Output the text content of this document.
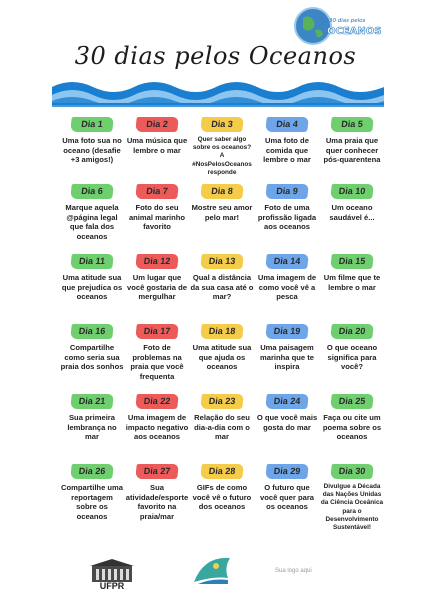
30 dias pelos
OCEANOS
30 dias pelos Oceanos
Dia 1
Uma foto sua no oceano (desafie +3 amigos!)
Dia 2
Uma música que lembre o mar
Dia 3
Quer saber algo sobre os oceanos? A #NosPelosOceanos responde
Dia 4
Uma foto de comida que lembre o mar
Dia 5
Uma praia que quer conhecer pós-quarentena
Dia 6
Marque aquela @página legal que fala dos oceanos
Dia 7
Foto do seu animal marinho favorito
Dia 8
Mostre seu amor pelo mar!
Dia 9
Foto de uma profissão ligada aos oceanos
Dia 10
Um oceano saudável é...
Dia 11
Uma atitude sua que prejudica os oceanos
Dia 12
Um lugar que você gostaria de mergulhar
Dia 13
Qual a distância da sua casa até o mar?
Dia 14
Uma imagem de como você vê a pesca
Dia 15
Um filme que te lembre o mar
Dia 16
Compartilhe como seria sua praia dos sonhos
Dia 17
Foto de problemas na praia que você frequenta
Dia 18
Uma atitude sua que ajuda os oceanos
Dia 19
Uma paisagem marinha que te inspira
Dia 20
O que oceano significa para você?
Dia 21
Sua primeira lembrança no mar
Dia 22
Uma imagem de impacto negativo aos oceanos
Dia 23
Relação do seu dia-a-dia com o mar
Dia 24
O que você mais gosta do mar
Dia 25
Faça ou cite um poema sobre os oceanos
Dia 26
Compartilhe uma reportagem sobre os oceanos
Dia 27
Sua atividade/esporte favorito na praia/mar
Dia 28
GIFs de como você vê o futuro dos oceanos
Dia 29
O futuro que você quer para os oceanos
Dia 30
Divulgue a Década das Nações Unidas da Ciência Oceânica para o Desenvolvimento Sustentável!
UFPR
Sua logo aqui
